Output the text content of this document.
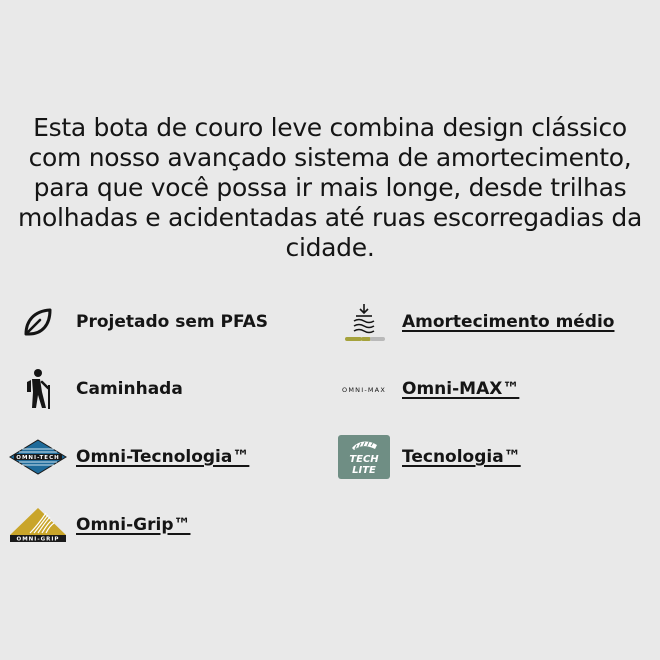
Esta bota de couro leve combina design clássico com nosso avançado sistema de amortecimento, para que você possa ir mais longe, desde trilhas molhadas e acidentadas até ruas escorregadias da cidade.

Projetado sem PFAS
Caminhada
OMNI-TECH Omni-Tecnologia™
OMNI-GRIP
Omni-Grip™
Amortecimento médio
OMNI-MAX Omni-MAX™
TECH
LITE
Tecnologia™
